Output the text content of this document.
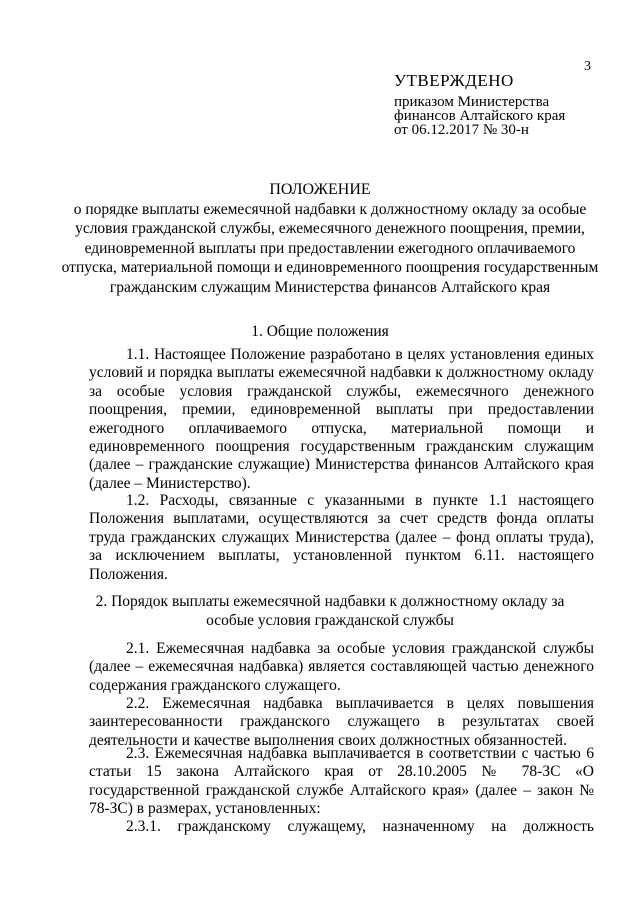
3
УТВЕРЖДЕНО
приказом Министерства
финансов Алтайского края
от 06.12.2017 № 30-н
ПОЛОЖЕНИЕ
о порядке выплаты ежемесячной надбавки к должностному окладу за особые условия гражданской службы, ежемесячного денежного поощрения, премии, единовременной выплаты при предоставлении ежегодного оплачиваемого отпуска, материальной помощи и единовременного поощрения государственным гражданским служащим Министерства финансов Алтайского края
1. Общие положения
1.1. Настоящее Положение разработано в целях установления единых условий и порядка выплаты ежемесячной надбавки к должностному окладу за особые условия гражданской службы, ежемесячного денежного поощрения, премии, единовременной выплаты при предоставлении ежегодного оплачиваемого отпуска, материальной помощи и единовременного поощрения государственным гражданским служащим (далее – гражданские служащие) Министерства финансов Алтайского края (далее – Министерство).
1.2. Расходы, связанные с указанными в пункте 1.1 настоящего Положения выплатами, осуществляются за счет средств фонда оплаты труда гражданских служащих Министерства (далее – фонд оплаты труда), за исключением выплаты, установленной пунктом 6.11. настоящего Положения.
2. Порядок выплаты ежемесячной надбавки к должностному окладу за особые условия гражданской службы
2.1. Ежемесячная надбавка за особые условия гражданской службы (далее – ежемесячная надбавка) является составляющей частью денежного содержания гражданского служащего.
2.2. Ежемесячная надбавка выплачивается в целях повышения заинтересованности гражданского служащего в результатах своей деятельности и качестве выполнения своих должностных обязанностей.
2.3. Ежемесячная надбавка выплачивается в соответствии с частью 6 статьи 15 закона Алтайского края от 28.10.2005 № 78-ЗС «О государственной гражданской службе Алтайского края» (далее – закон № 78-ЗС) в размерах, установленных:
2.3.1. гражданскому служащему, назначенному на должность
